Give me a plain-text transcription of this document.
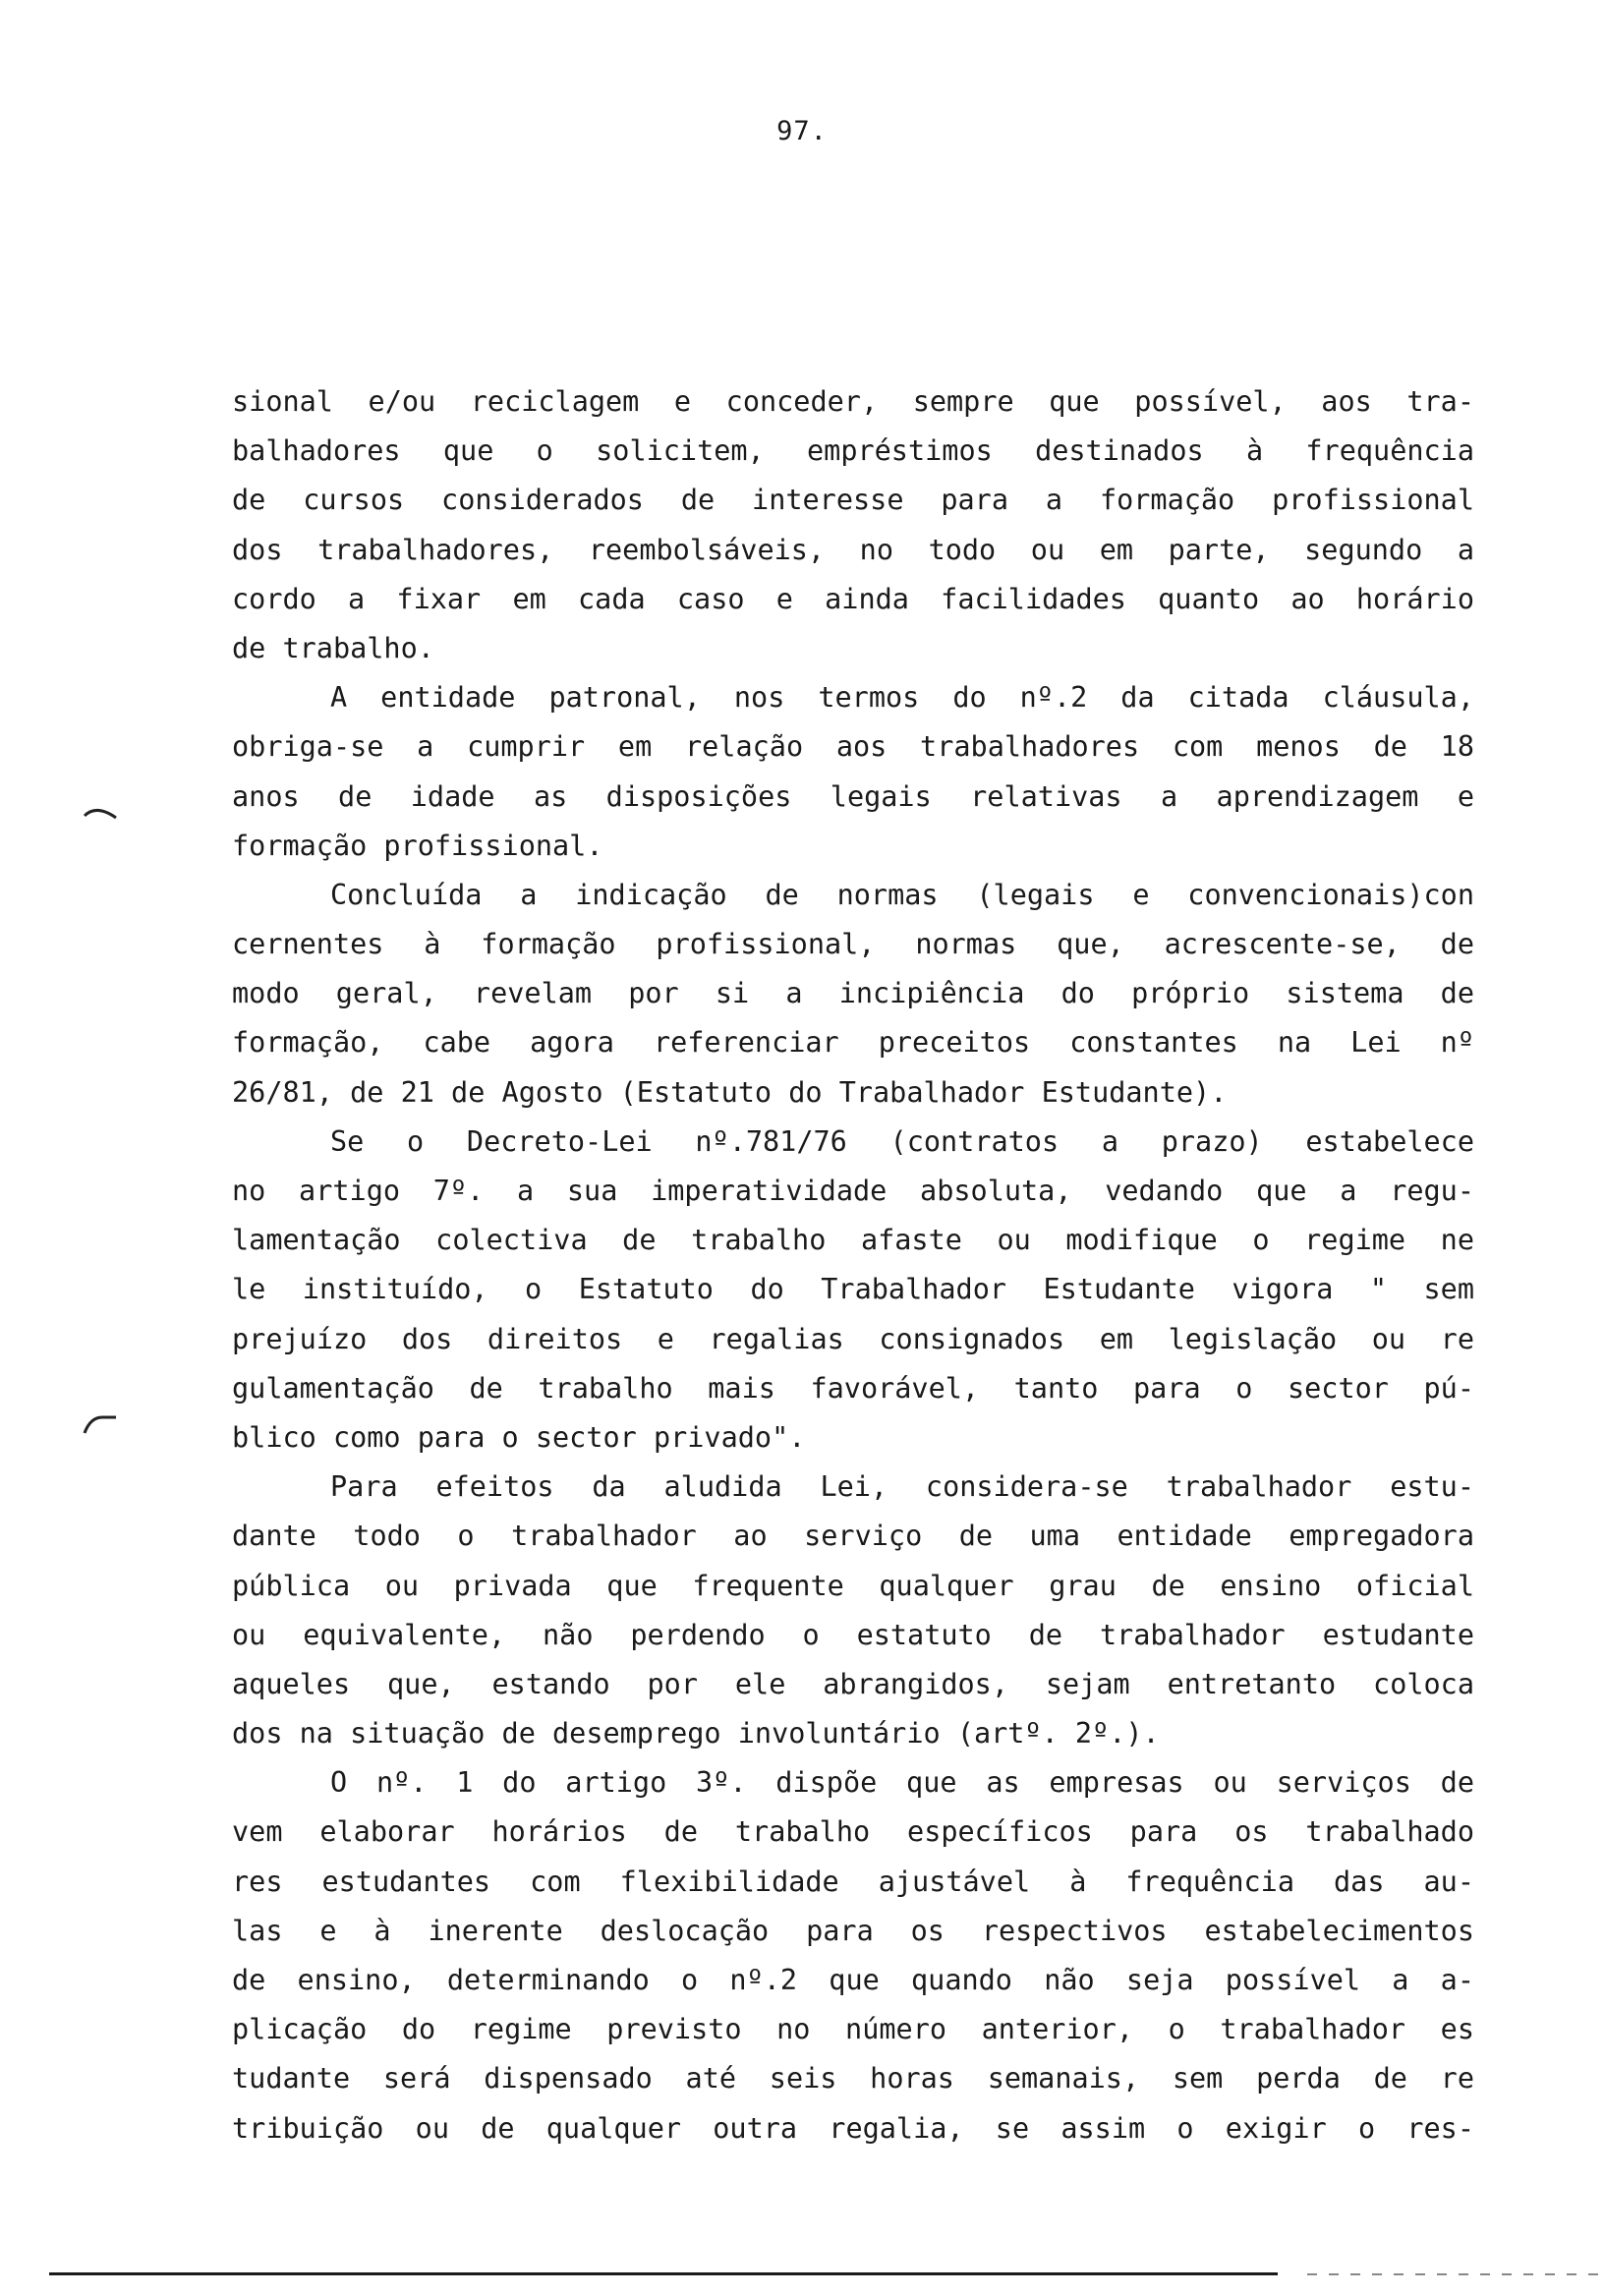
97.
sional e/ou reciclagem e conceder, sempre que possível, aos tra-
balhadores que o solicitem, empréstimos destinados à frequência
de cursos considerados de interesse para a formação profissional
dos trabalhadores, reembolsáveis, no todo ou em parte, segundo a
cordo a fixar em cada caso e ainda facilidades quanto ao horário
de trabalho.
A entidade patronal, nos termos do nº.2 da citada cláusula,
obriga-se a cumprir em relação aos trabalhadores com menos de 18
anos de idade as disposições legais relativas a aprendizagem e
formação profissional.
Concluída a indicação de normas (legais e convencionais)con
cernentes à formação profissional, normas que, acrescente-se, de
modo geral, revelam por si a incipiência do próprio sistema de
formação, cabe agora referenciar preceitos constantes na Lei nº
26/81, de 21 de Agosto (Estatuto do Trabalhador Estudante).
Se o Decreto-Lei nº.781/76 (contratos a prazo) estabelece
no artigo 7º. a sua imperatividade absoluta, vedando que a regu-
lamentação colectiva de trabalho afaste ou modifique o regime ne
le instituído, o Estatuto do Trabalhador Estudante vigora " sem
prejuízo dos direitos e regalias consignados em legislação ou re
gulamentação de trabalho mais favorável, tanto para o sector pú-
blico como para o sector privado".
Para efeitos da aludida Lei, considera-se trabalhador estu-
dante todo o trabalhador ao serviço de uma entidade empregadora
pública ou privada que frequente qualquer grau de ensino oficial
ou equivalente, não perdendo o estatuto de trabalhador estudante
aqueles que, estando por ele abrangidos, sejam entretanto coloca
dos na situação de desemprego involuntário (artº. 2º.).
O nº. 1 do artigo 3º. dispõe que as empresas ou serviços de
vem elaborar horários de trabalho específicos para os trabalhado
res estudantes com flexibilidade ajustável à frequência das au-
las e à inerente deslocação para os respectivos estabelecimentos
de ensino, determinando o nº.2 que quando não seja possível a a-
plicação do regime previsto no número anterior, o trabalhador es
tudante será dispensado até seis horas semanais, sem perda de re
tribuição ou de qualquer outra regalia, se assim o exigir o res-
